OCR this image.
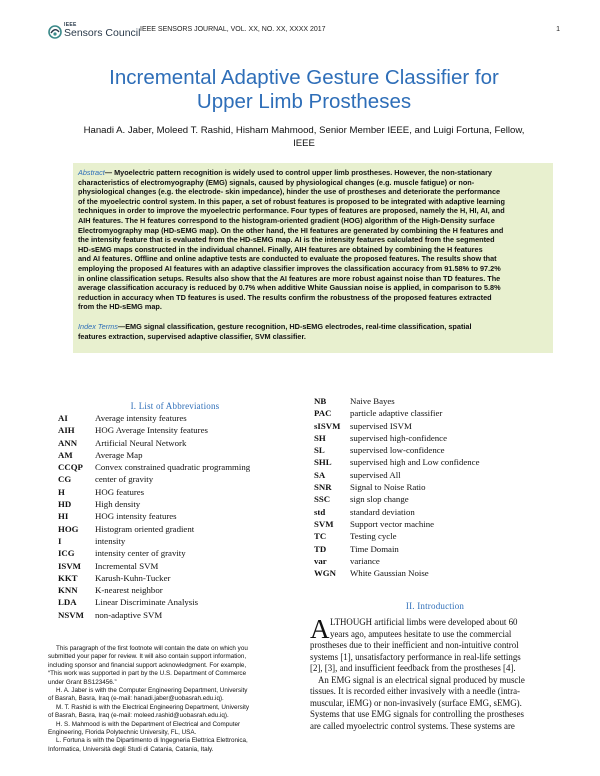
IEEE
Sensors Council IEEE SENSORS JOURNAL, VOL. XX, NO. XX, XXXX 2017	1
Incremental Adaptive Gesture Classifier for
Upper Limb Prostheses
Hanadi A. Jaber, Moleed T. Rashid, Hisham Mahmood, Senior Member IEEE, and Luigi Fortuna, Fellow,
IEEE
Abstract— Myoelectric pattern recognition is widely used to control upper limb prostheses. However, the non-stationary
characteristics of electromyography (EMG) signals, caused by physiological changes (e.g. muscle fatigue) or non-
physiological changes (e.g. the electrode- skin impedance), hinder the use of prostheses and deteriorate the performance
of the myoelectric control system. In this paper, a set of robust features is proposed to be integrated with adaptive learning
techniques in order to improve the myoelectric performance. Four types of features are proposed, namely the H, HI, AI, and
AIH features. The H features correspond to the histogram-oriented gradient (HOG) algorithm of the High-Density surface
Electromyography map (HD-sEMG map). On the other hand, the HI features are generated by combining the H features and
the intensity feature that is evaluated from the HD-sEMG map. AI is the intensity features calculated from the segmented
HD-sEMG maps constructed in the individual channel. Finally, AIH features are obtained by combining the H features
and AI features. Offline and online adaptive tests are conducted to evaluate the proposed features. The results show that
employing the proposed AI features with an adaptive classifier improves the classification accuracy from 91.58% to 97.2%
in online classification setups. Results also show that the AI features are more robust against noise than TD features. The
average classification accuracy is reduced by 0.7% when additive White Gaussian noise is applied, in comparison to 5.8%
reduction in accuracy when TD features is used. The results confirm the robustness of the proposed features extracted
from the HD-sEMG map.
Index Terms—EMG signal classification, gesture recognition, HD-sEMG electrodes, real-time classification, spatial
features extraction, supervised adaptive classifier, SVM classifier.
I. List of Abbreviations
AI	Average intensity features
AIH HOG Average Intensity features
ANN Artificial Neural Network
AM	Average Map
CCQP Convex constrained quadratic programming
CG	center of gravity
H	HOG features
HD	High density
HI	HOG intensity features
HOG Histogram oriented gradient
I	intensity
ICG intensity center of gravity
ISVM Incremental SVM
KKT Karush-Kuhn-Tucker
KNN K-nearest neighbor
LDA Linear Discriminate Analysis
NSVM non-adaptive SVM
NB	Naive Bayes
PAC particle adaptive classifier
sISVM supervised ISVM
SH	supervised high-confidence
SL	supervised low-confidence
SHL supervised high and Low confidence
SA	supervised All
SNR Signal to Noise Ratio
SSC sign slop change
std	standard deviation
SVM Support vector machine
TC	Testing cycle
TD	Time Domain
var	variance
WGN White Gaussian Noise
II. Introduction
This paragraph of the first footnote will contain the date on which you
submitted your paper for review. It will also contain support information,
including sponsor and financial support acknowledgment. For example,
“This work was supported in part by the U.S. Department of Commerce
under Grant BS123456.”
H. A. Jaber is with the Computer Engineering Department, University
of Basrah, Basra, Iraq (e-mail: hanadi.jaber@uobasrah.edu.iq).
M. T. Rashid is with the Electrical Engineering Department, University
of Basrah, Basra, Iraq (e-mail: moleed.rashid@uobasrah.edu.iq).
H. S. Mahmood is with the Department of Electrical and Computer
Engineering, Florida Polytechnic University, FL, USA.
L. Fortuna is with the Dipartimento di Ingegneria Elettrica Elettronica,
Informatica, Università degli Studi di Catania, Catania, Italy.
A LTHOUGH artificial limbs were developed about 60
years ago, amputees hesitate to use the commercial
prostheses due to their inefficient and non-intuitive control
systems [1], unsatisfactory performance in real-life settings
[2], [3], and insufficient feedback from the prostheses [4].
An EMG signal is an electrical signal produced by muscle
tissues. It is recorded either invasively with a needle (intra-
muscular, iEMG) or non-invasively (surface EMG, sEMG).
Systems that use EMG signals for controlling the prostheses
are called myoelectric control systems. These systems are
